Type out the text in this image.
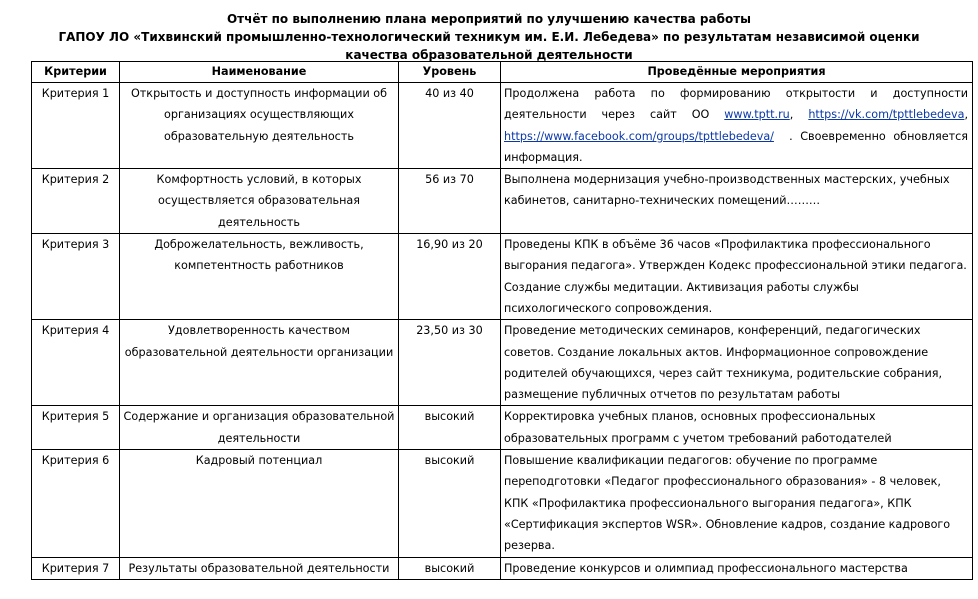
Отчёт по выполнению плана мероприятий по улучшению качества работы
ГАПОУ ЛО «Тихвинский промышленно-технологический техникум им. Е.И. Лебедева» по результатам независимой оценки
качества образовательной деятельности
Критерии	Наименование	Уровень	Проведённые мероприятия
Критерия 1	Открытость и доступность информации об организациях осуществляющих образовательную деятельность	40 из 40	Продолжена работа по формированию открытости и доступности деятельности через сайт ОО www.tptt.ru, https://vk.com/tpttlebedeva, https://www.facebook.com/groups/tpttlebedeva/ . Своевременно обновляется информация.
Критерия 2	Комфортность условий, в которых осуществляется образовательная деятельность	56 из 70	Выполнена модернизация учебно-производственных мастерских, учебных кабинетов, санитарно-технических помещений………
Критерия 3	Доброжелательность, вежливость, компетентность работников	16,90 из 20	Проведены КПК в объёме 36 часов «Профилактика профессионального выгорания педагога». Утвержден Кодекс профессиональной этики педагога. Создание службы медитации. Активизация работы службы психологического сопровождения.
Критерия 4	Удовлетворенность качеством образовательной деятельности организации	23,50 из 30	Проведение методических семинаров, конференций, педагогических советов. Создание локальных актов. Информационное сопровождение родителей обучающихся, через сайт техникума, родительские собрания, размещение публичных отчетов по результатам работы
Критерия 5	Содержание и организация образовательной деятельности	высокий	Корректировка учебных планов, основных профессиональных образовательных программ с учетом требований работодателей
Критерия 6	Кадровый потенциал	высокий	Повышение квалификации педагогов: обучение по программе переподготовки «Педагог профессионального образования» - 8 человек, КПК «Профилактика профессионального выгорания педагога», КПК «Сертификация экспертов WSR». Обновление кадров, создание кадрового резерва.
Критерия 7	Результаты образовательной деятельности	высокий	Проведение конкурсов и олимпиад профессионального мастерства
